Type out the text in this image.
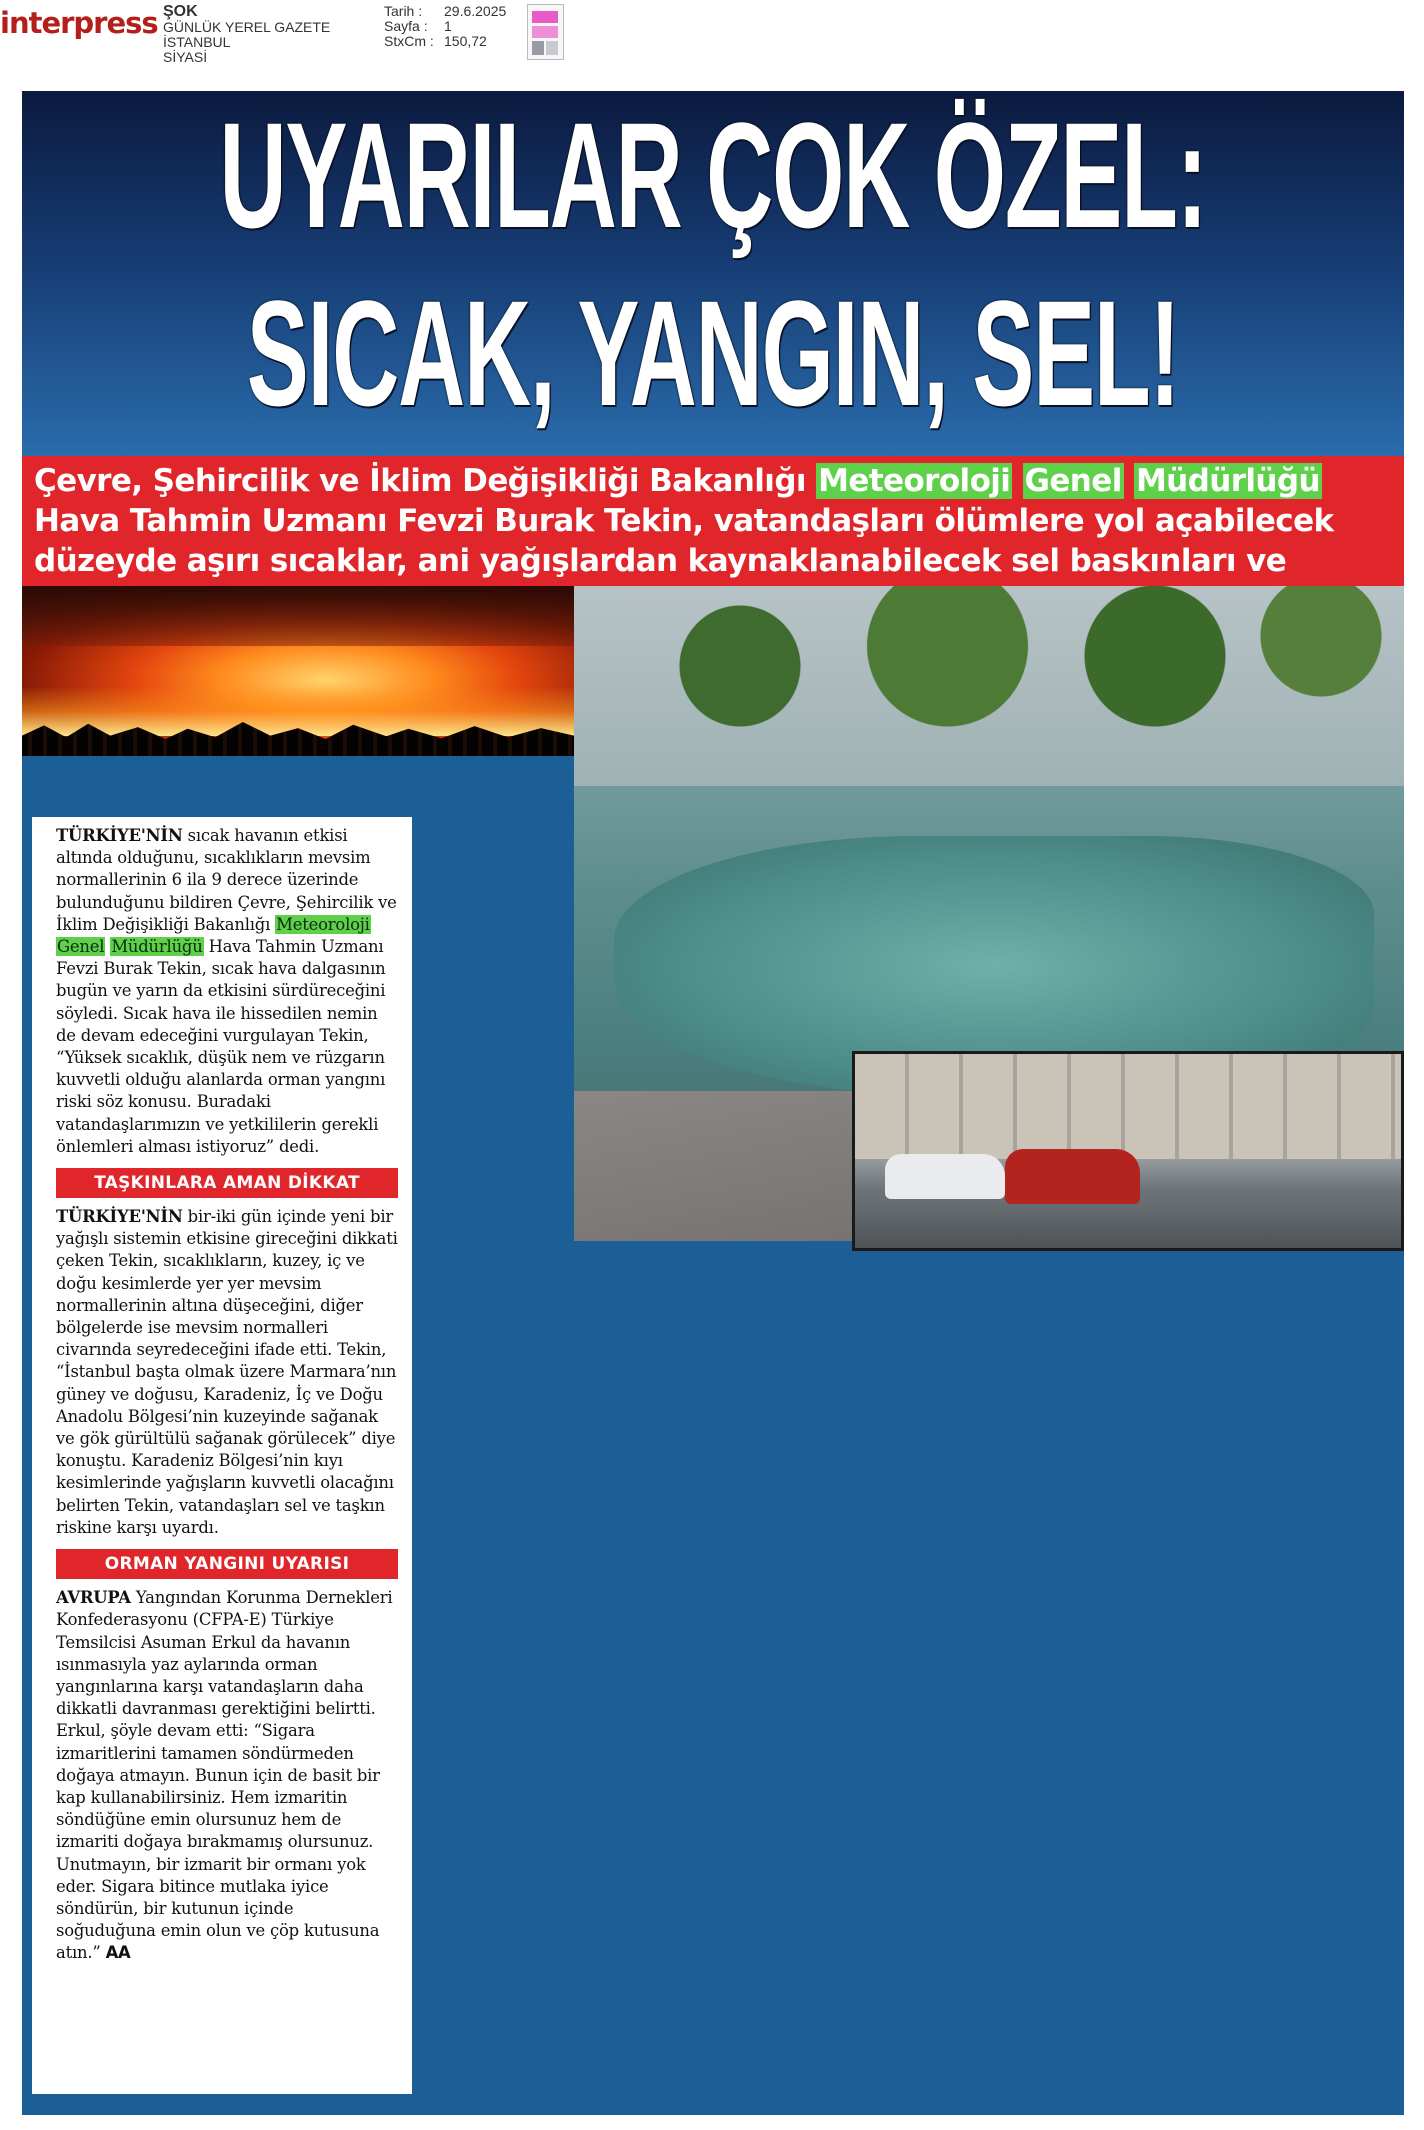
interpress ŞOK
GÜNLÜK YEREL GAZETE
İSTANBUL
SİYASİ
Tarih :	29.6.2025
Sayfa :	1
StxCm : 150,72
UYARILAR ÇOK ÖZEL:
SICAK, YANGIN, SEL!
Çevre, Şehircilik ve İklim Değişikliği Bakanlığı Meteoroloji Genel Müdürlüğü Hava Tahmin Uzmanı Fevzi Burak Tekin, vatandaşları ölümlere yol açabilecek düzeyde aşırı sıcaklar, ani yağışlardan kaynaklanabilecek sel baskınları ve

TÜRKİYE'NİN sıcak havanın etkisi altında olduğunu, sıcaklıkların mevsim normallerinin 6 ila 9 derece üzerinde bulunduğunu bildiren Çevre, Şehircilik ve İklim Değişikliği Bakanlığı Meteoroloji Genel Müdürlüğü Hava Tahmin Uzmanı Fevzi Burak Tekin, sıcak hava dalgasının bugün ve yarın da etkisini sürdüreceğini söyledi. Sıcak hava ile hissedilen nemin de devam edeceğini vurgulayan Tekin, “Yüksek sıcaklık, düşük nem ve rüzgarın kuvvetli olduğu alanlarda orman yangını riski söz konusu. Buradaki vatandaşlarımızın ve yetkililerin gerekli önlemleri alması istiyoruz” dedi.

TAŞKINLARA AMAN DİKKAT

TÜRKİYE'NİN bir-iki gün içinde yeni bir yağışlı sistemin etkisine gireceğini dikkati çeken Tekin, sıcaklıkların, kuzey, iç ve doğu kesimlerde yer yer mevsim normallerinin altına düşeceğini, diğer bölgelerde ise mevsim normalleri civarında seyredeceğini ifade etti. Tekin, “İstanbul başta olmak üzere Marmara’nın güney ve doğusu, Karadeniz, İç ve Doğu Anadolu Bölgesi’nin kuzeyinde sağanak ve gök gürültülü sağanak görülecek” diye konuştu. Karadeniz Bölgesi’nin kıyı kesimlerinde yağışların kuvvetli olacağını belirten Tekin, vatandaşları sel ve taşkın riskine karşı uyardı.

ORMAN YANGINI UYARISI

AVRUPA Yangından Korunma Dernekleri Konfederasyonu (CFPA-E) Türkiye Temsilcisi Asuman Erkul da havanın ısınmasıyla yaz aylarında orman yangınlarına karşı vatandaşların daha dikkatli davranması gerektiğini belirtti. Erkul, şöyle devam etti: “Sigara izmaritlerini tamamen söndürmeden doğaya atmayın. Bunun için de basit bir kap kullanabilirsiniz. Hem izmaritin söndüğüne emin olursunuz hem de izmariti doğaya bırakmamış olursunuz. Unutmayın, bir izmarit bir ormanı yok eder. Sigara bitince mutlaka iyice söndürün, bir kutunun içinde soğuduğuna emin olun ve çöp kutusuna atın.” AA
